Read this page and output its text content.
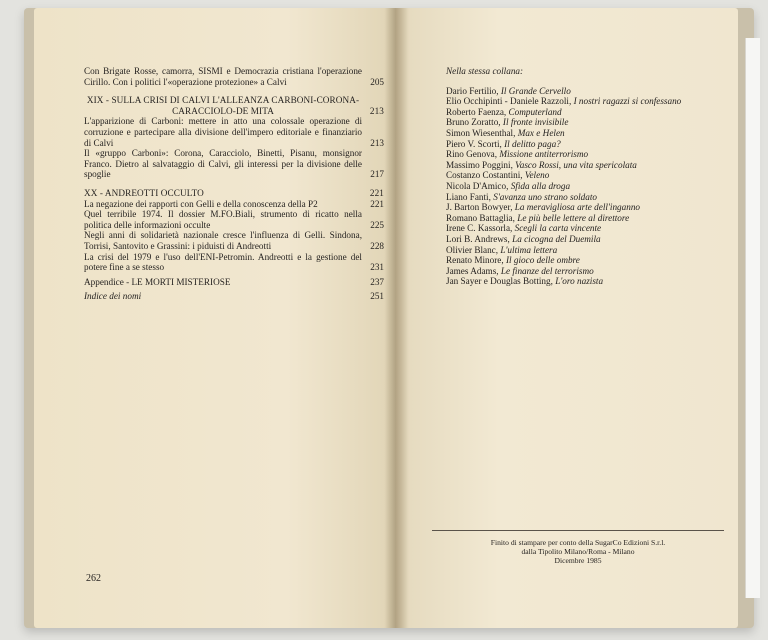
Con Brigate Rosse, camorra, SISMI e Democrazia cristiana l'operazione Cirillo. Con i politici l'«operazione protezione» a Calvi	205
XIX - SULLA CRISI DI CALVI L'ALLEANZA CARBONI-CORONA-CARACCIOLO-DE MITA	213
L'apparizione di Carboni: mettere in atto una colossale operazione di corruzione e partecipare alla divisione dell'impero editoriale e finanziario di Calvi	213
Il «gruppo Carboni»: Corona, Caracciolo, Binetti, Pisanu, monsignor Franco. Dietro al salvataggio di Calvi, gli interessi per la divisione delle spoglie	217
XX - ANDREOTTI OCCULTO	221
La negazione dei rapporti con Gelli e della conoscenza della P2	221
Quel terribile 1974. Il dossier M.FO.Biali, strumento di ricatto nella politica delle informazioni occulte	225
Negli anni di solidarietà nazionale cresce l'influenza di Gelli. Sindona, Torrisi, Santovito e Grassini: i piduisti di Andreotti	228
La crisi del 1979 e l'uso dell'ENI-Petromin. Andreotti e la gestione del potere fine a se stesso	231
Appendice - LE MORTI MISTERIOSE	237
Indice dei nomi	251
262
Nella stessa collana:
Dario Fertilio, Il Grande Cervello
Elio Occhipinti - Daniele Razzoli, I nostri ragazzi si confessano
Roberto Faenza, Computerland
Bruno Zoratto, Il fronte invisibile
Simon Wiesenthal, Max e Helen
Piero V. Scorti, Il delitto paga?
Rino Genova, Missione antiterrorismo
Massimo Poggini, Vasco Rossi, una vita spericolata
Costanzo Costantini, Veleno
Nicola D'Amico, Sfida alla droga
Liano Fanti, S'avanza uno strano soldato
J. Barton Bowyer, La meravigliosa arte dell'inganno
Romano Battaglia, Le più belle lettere al direttore
Irene C. Kassorla, Scegli la carta vincente
Lori B. Andrews, La cicogna del Duemila
Olivier Blanc, L'ultima lettera
Renato Minore, Il gioco delle ombre
James Adams, Le finanze del terrorismo
Jan Sayer e Douglas Botting, L'oro nazista
Finito di stampare per conto della SugarCo Edizioni S.r.l.
dalla Tipolito Milano/Roma - Milano
Dicembre 1985
